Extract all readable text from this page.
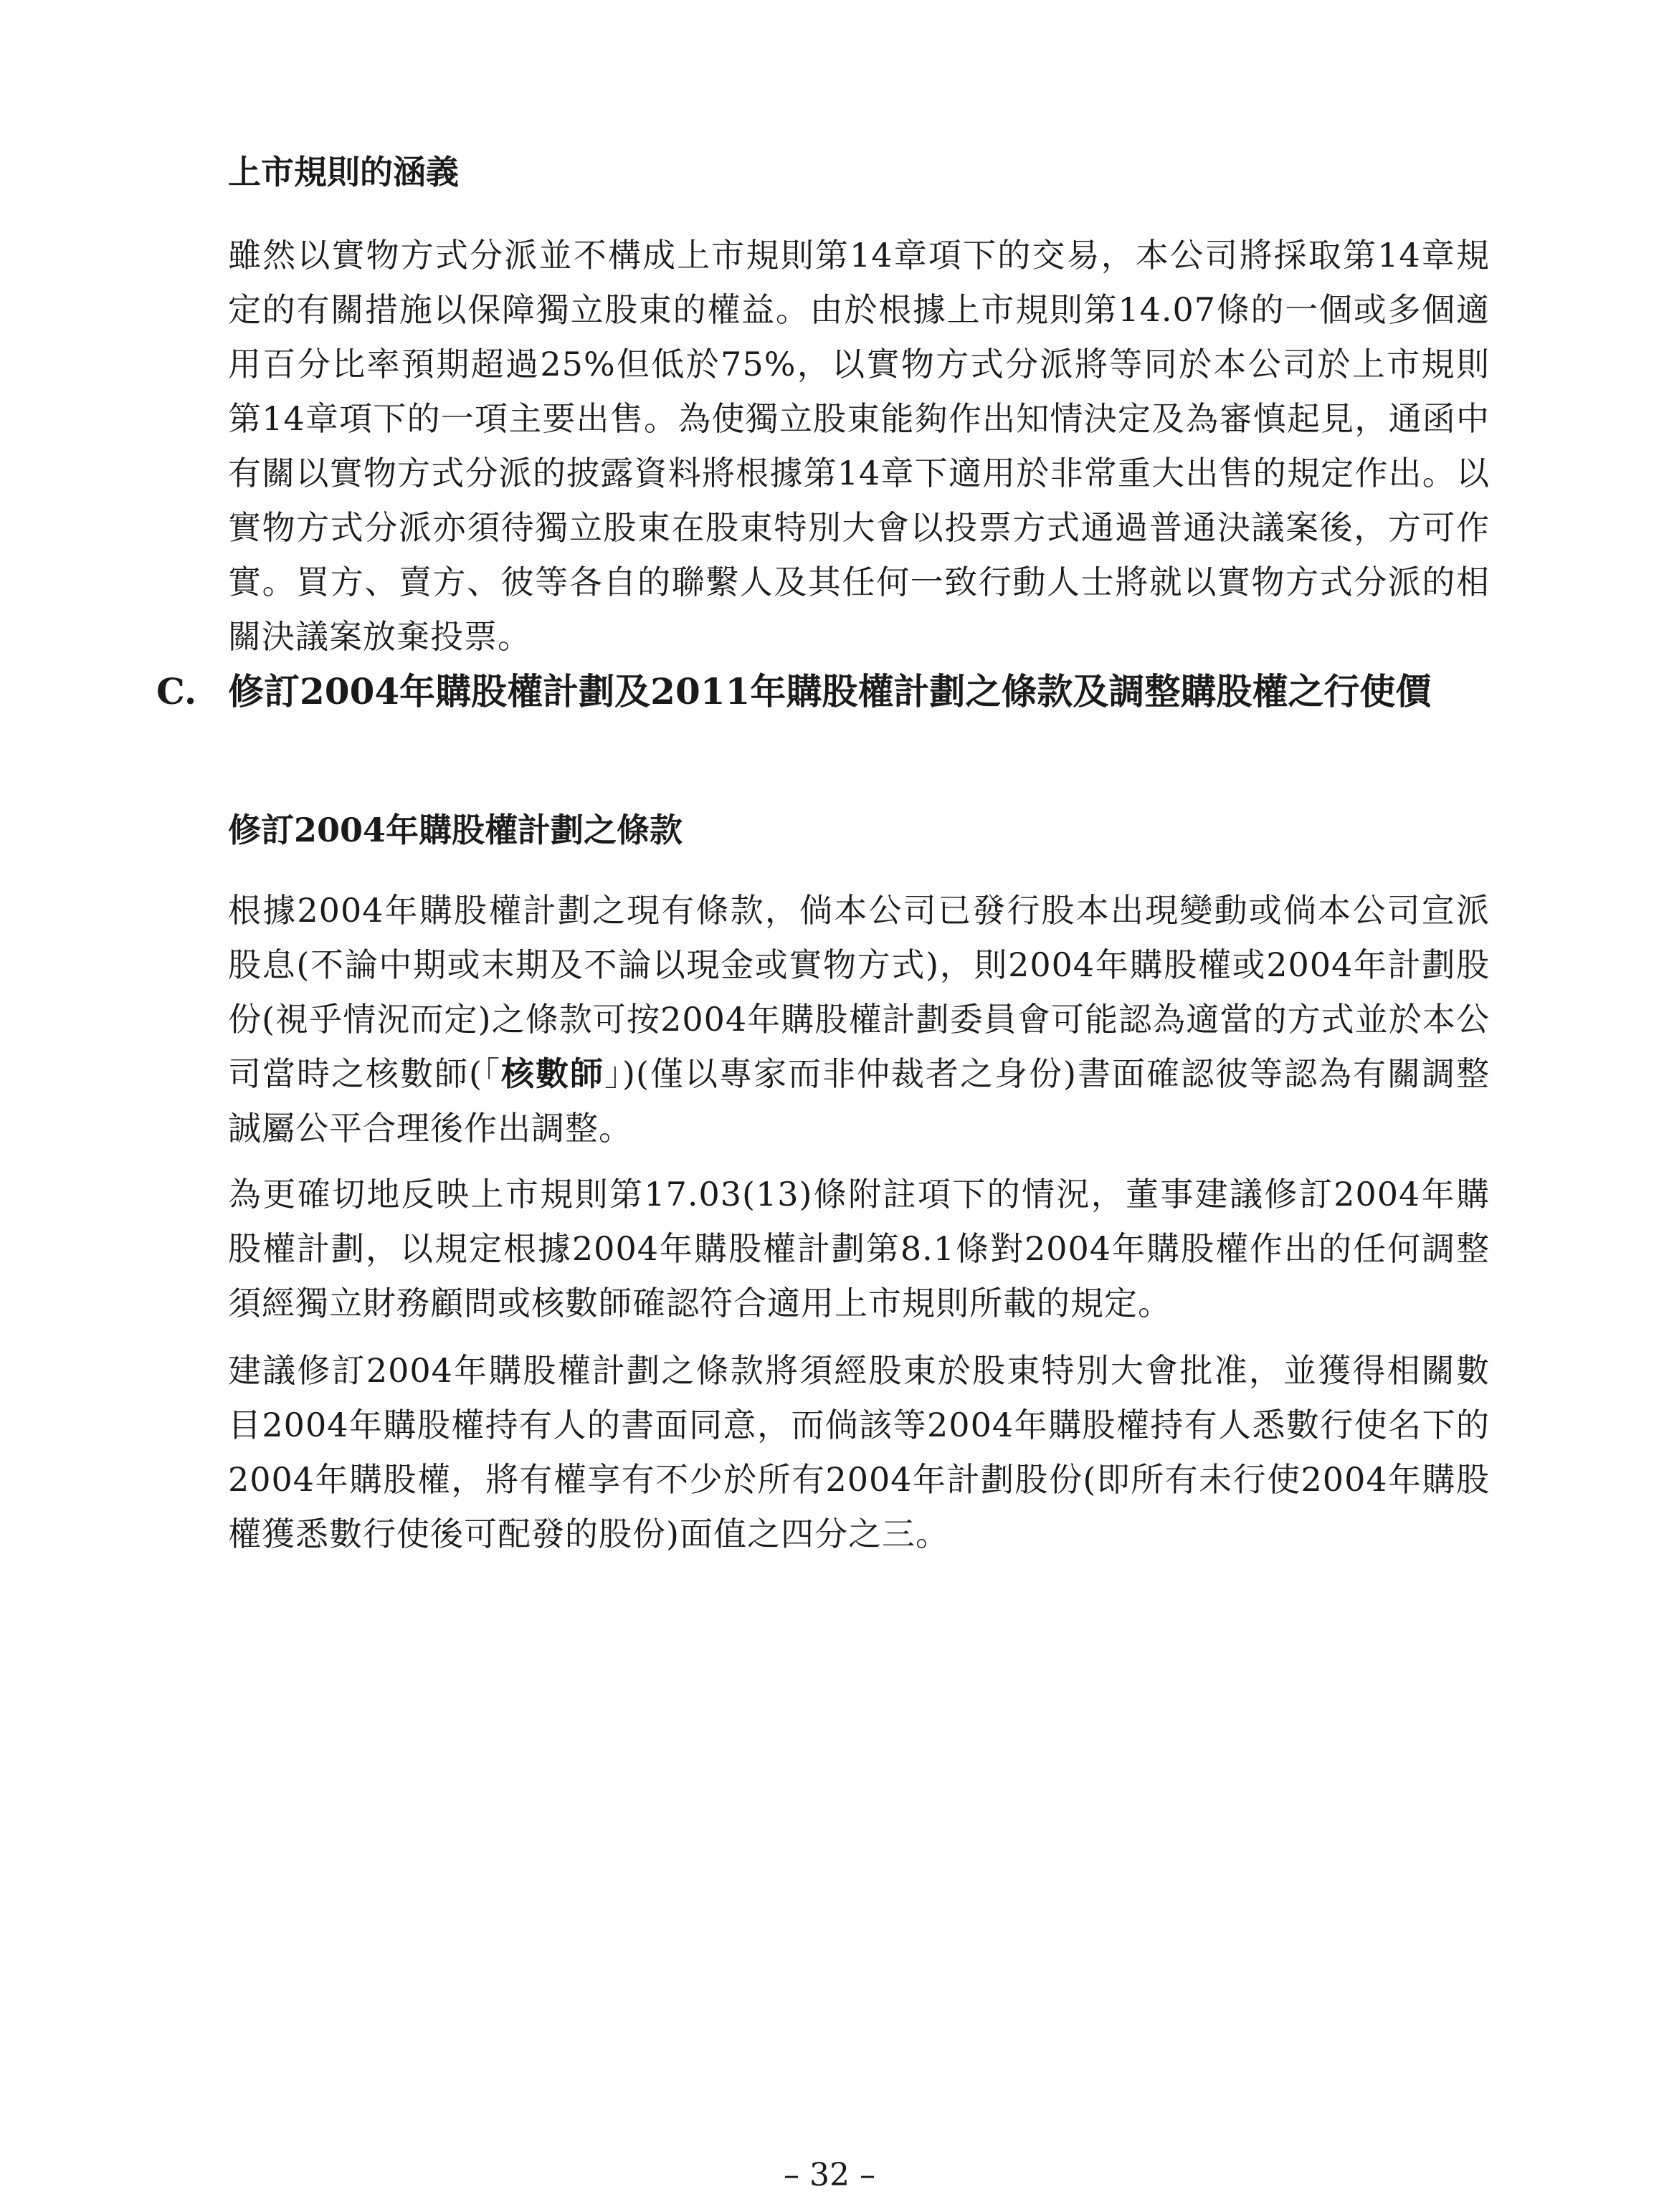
上市規則的涵義

雖然以實物方式分派並不構成上市規則第14章項下的交易，本公司將採取第14章規定的有關措施以保障獨立股東的權益。由於根據上市規則第14.07條的一個或多個適用百分比率預期超過25%但低於75%，以實物方式分派將等同於本公司於上市規則第14章項下的一項主要出售。為使獨立股東能夠作出知情決定及為審慎起見，通函中有關以實物方式分派的披露資料將根據第14章下適用於非常重大出售的規定作出。以實物方式分派亦須待獨立股東在股東特別大會以投票方式通過普通決議案後，方可作實。買方、賣方、彼等各自的聯繫人及其任何一致行動人士將就以實物方式分派的相關決議案放棄投票。

C. 修訂2004年購股權計劃及2011年購股權計劃之條款及調整購股權之行使價
修訂2004年購股權計劃之條款

根據2004年購股權計劃之現有條款，倘本公司已發行股本出現變動或倘本公司宣派股息(不論中期或末期及不論以現金或實物方式)，則2004年購股權或2004年計劃股份(視乎情況而定)之條款可按2004年購股權計劃委員會可能認為適當的方式並於本公司當時之核數師(「核數師」)(僅以專家而非仲裁者之身份)書面確認彼等認為有關調整誠屬公平合理後作出調整。

為更確切地反映上市規則第17.03(13)條附註項下的情況，董事建議修訂2004年購股權計劃，以規定根據2004年購股權計劃第8.1條對2004年購股權作出的任何調整須經獨立財務顧問或核數師確認符合適用上市規則所載的規定。

建議修訂2004年購股權計劃之條款將須經股東於股東特別大會批准，並獲得相關數目2004年購股權持有人的書面同意，而倘該等2004年購股權持有人悉數行使名下的2004年購股權，將有權享有不少於所有2004年計劃股份(即所有未行使2004年購股權獲悉數行使後可配發的股份)面值之四分之三。

– 32 –
